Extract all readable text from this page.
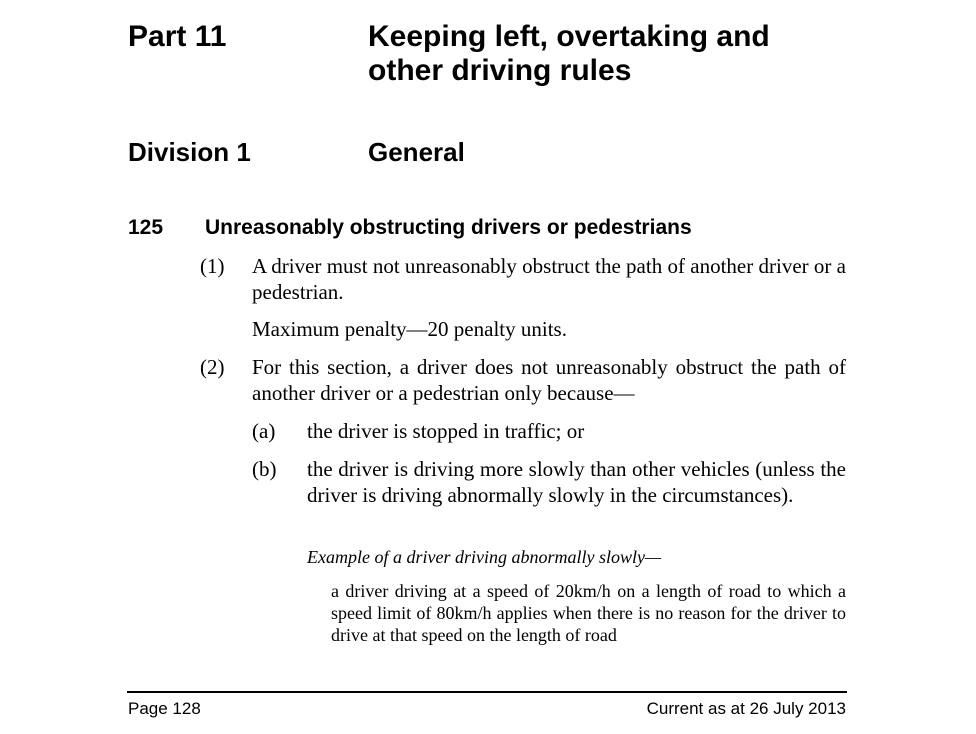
Part 11	Keeping left, overtaking and other driving rules
Division 1	General
125 Unreasonably obstructing drivers or pedestrians
(1) A driver must not unreasonably obstruct the path of another driver or a pedestrian.
Maximum penalty—20 penalty units.
(2) For this section, a driver does not unreasonably obstruct the path of another driver or a pedestrian only because—
(a) the driver is stopped in traffic; or
(b) the driver is driving more slowly than other vehicles (unless the driver is driving abnormally slowly in the circumstances).
Example of a driver driving abnormally slowly—
a driver driving at a speed of 20km/h on a length of road to which a speed limit of 80km/h applies when there is no reason for the driver to drive at that speed on the length of road
Page 128	Current as at 26 July 2013
